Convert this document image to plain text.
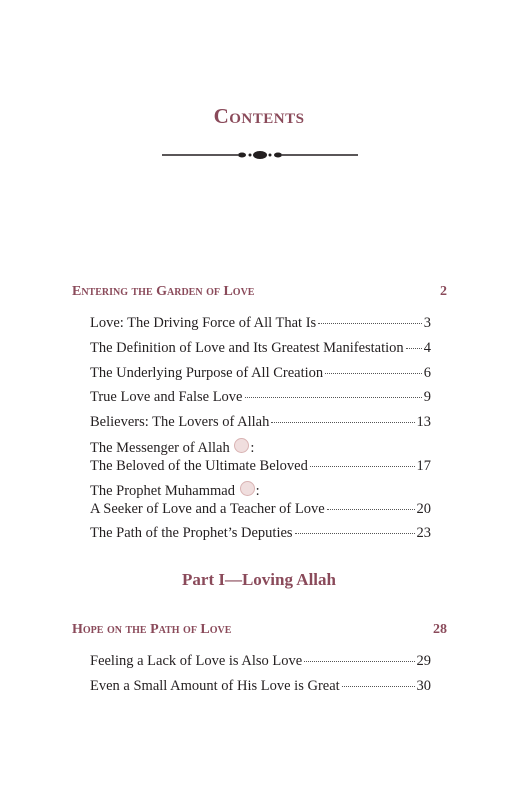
Contents
Entering the Garden of Love	2
Love: The Driving Force of All That Is	3
The Definition of Love and Its Greatest Manifestation 4
The Underlying Purpose of All Creation	6
True Love and False Love	9
Believers: The Lovers of Allah	13
The Messenger of Allah :
The Beloved of the Ultimate Beloved	17
The Prophet Muhammad :
A Seeker of Love and a Teacher of Love	20
The Path of the Prophet’s Deputies	23
Part I—Loving Allah
Hope on the Path of Love	28
Feeling a Lack of Love is Also Love	29
Even a Small Amount of His Love is Great	30
